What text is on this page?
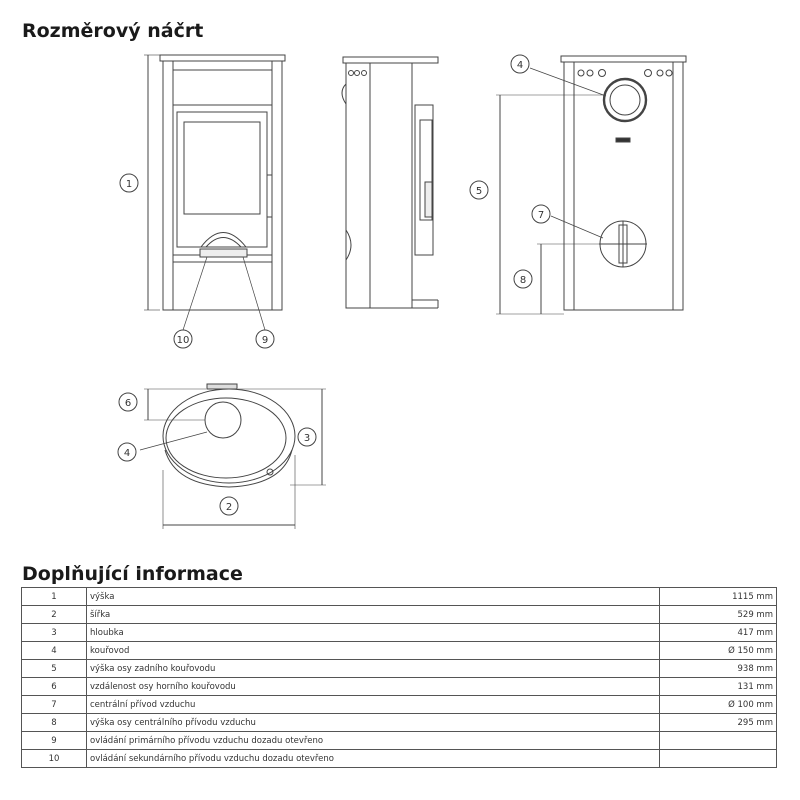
Rozměrový náčrt
1
10	9
4
5
7
8
6
4
3
2
Doplňující informace
1	výška	1115 mm
2	šířka	529 mm
3	hloubka	417 mm
4	kouřovod	Ø 150 mm
5	výška osy zadního kouřovodu	938 mm
6	vzdálenost osy horního kouřovodu	131 mm
7	centrální přívod vzduchu	Ø 100 mm
8	výška osy centrálního přívodu vzduchu	295 mm
9	ovládání primárního přívodu vzduchu dozadu otevřeno	
10	ovládání sekundárního přívodu vzduchu dozadu otevřeno	
